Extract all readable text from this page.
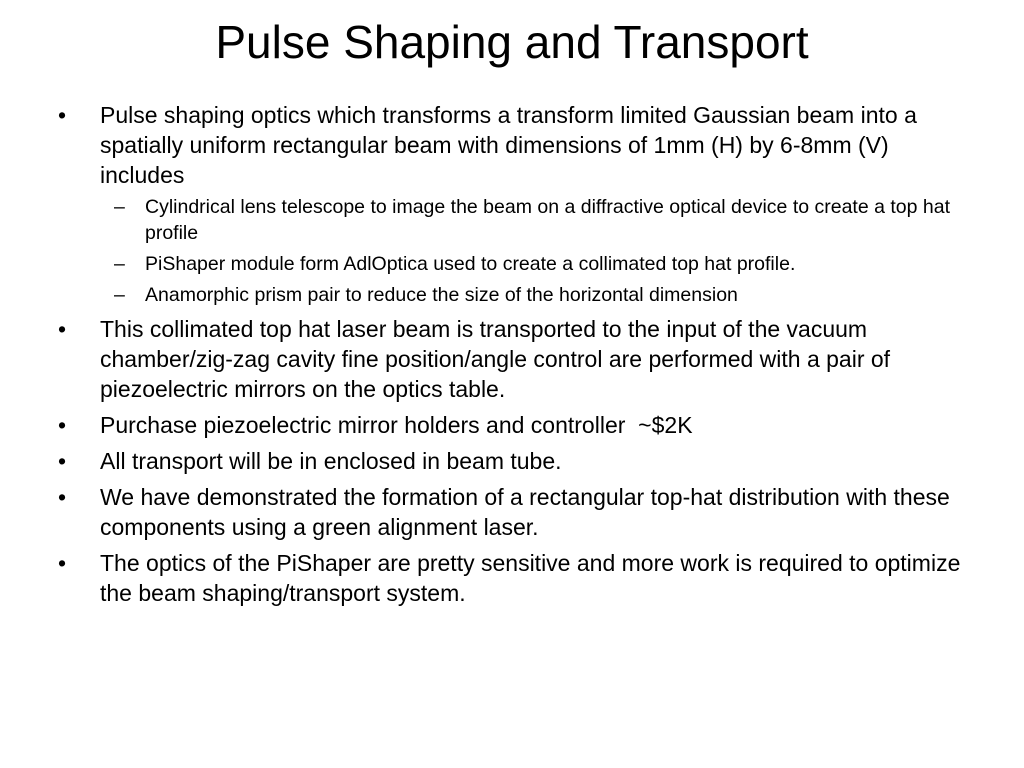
Pulse Shaping and Transport
•	Pulse shaping optics which transforms a transform limited Gaussian beam into a spatially uniform rectangular beam with dimensions of 1mm (H) by 6-8mm (V) includes
–	Cylindrical lens telescope to image the beam on a diffractive optical device to create a top hat profile
–	PiShaper module form AdlOptica used to create a collimated top hat profile.
–	Anamorphic prism pair to reduce the size of the horizontal dimension
•	This collimated top hat laser beam is transported to the input of the vacuum chamber/zig-zag cavity fine position/angle control are performed with a pair of piezoelectric mirrors on the optics table.
•	Purchase piezoelectric mirror holders and controller  ~$2K
•	All transport will be in enclosed in beam tube.
•	We have demonstrated the formation of a rectangular top-hat distribution with these components using a green alignment laser.
•	The optics of the PiShaper are pretty sensitive and more work is required to optimize the beam shaping/transport system.
